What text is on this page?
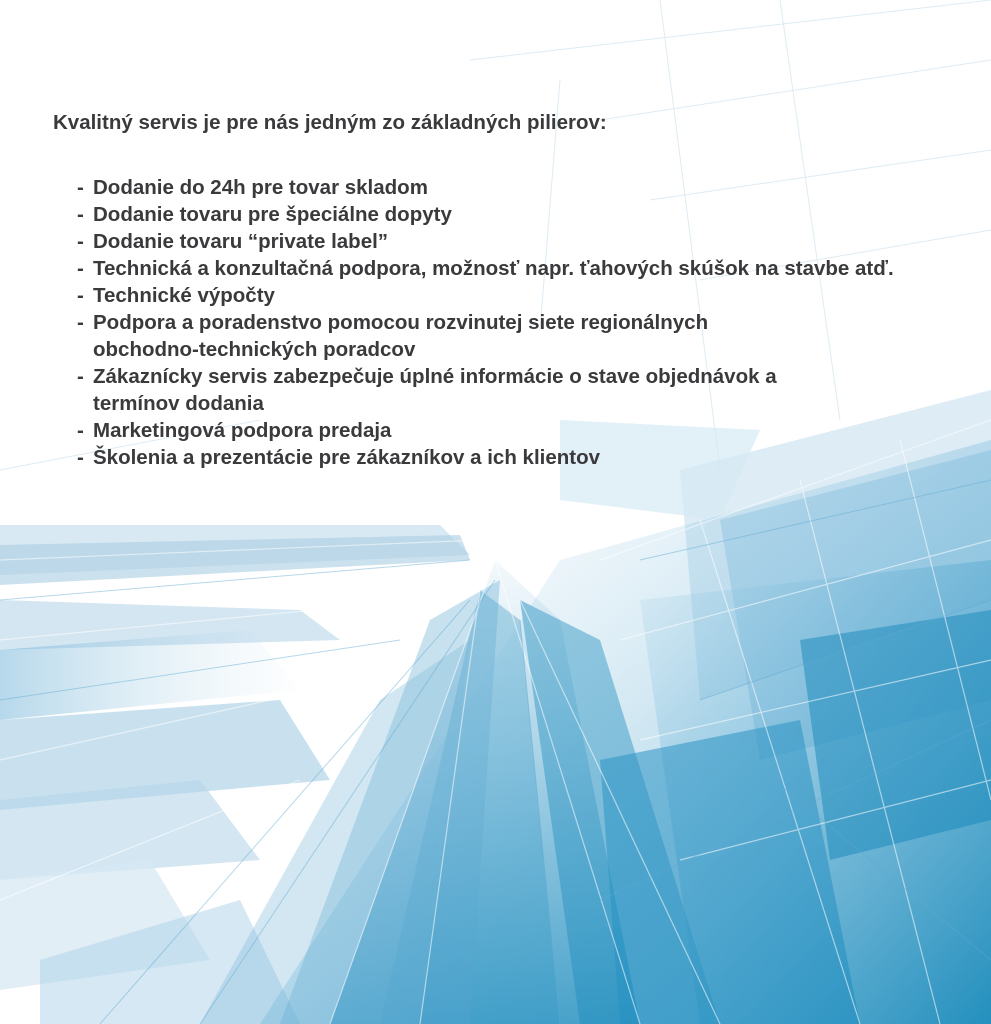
Kvalitný servis je pre nás jedným zo základných pilierov:

- Dodanie do 24h pre tovar skladom
- Dodanie tovaru pre špeciálne dopyty
- Dodanie tovaru “private label”
- Technická a konzultačná podpora, možnosť napr. ťahových skúšok na stavbe atď.
- Technické výpočty
- Podpora a poradenstvo pomocou rozvinutej siete regionálnych
obchodno-technických poradcov
- Zákaznícky servis zabezpečuje úplné informácie o stave objednávok a
termínov dodania
- Marketingová podpora predaja
- Školenia a prezentácie pre zákazníkov a ich klientov
